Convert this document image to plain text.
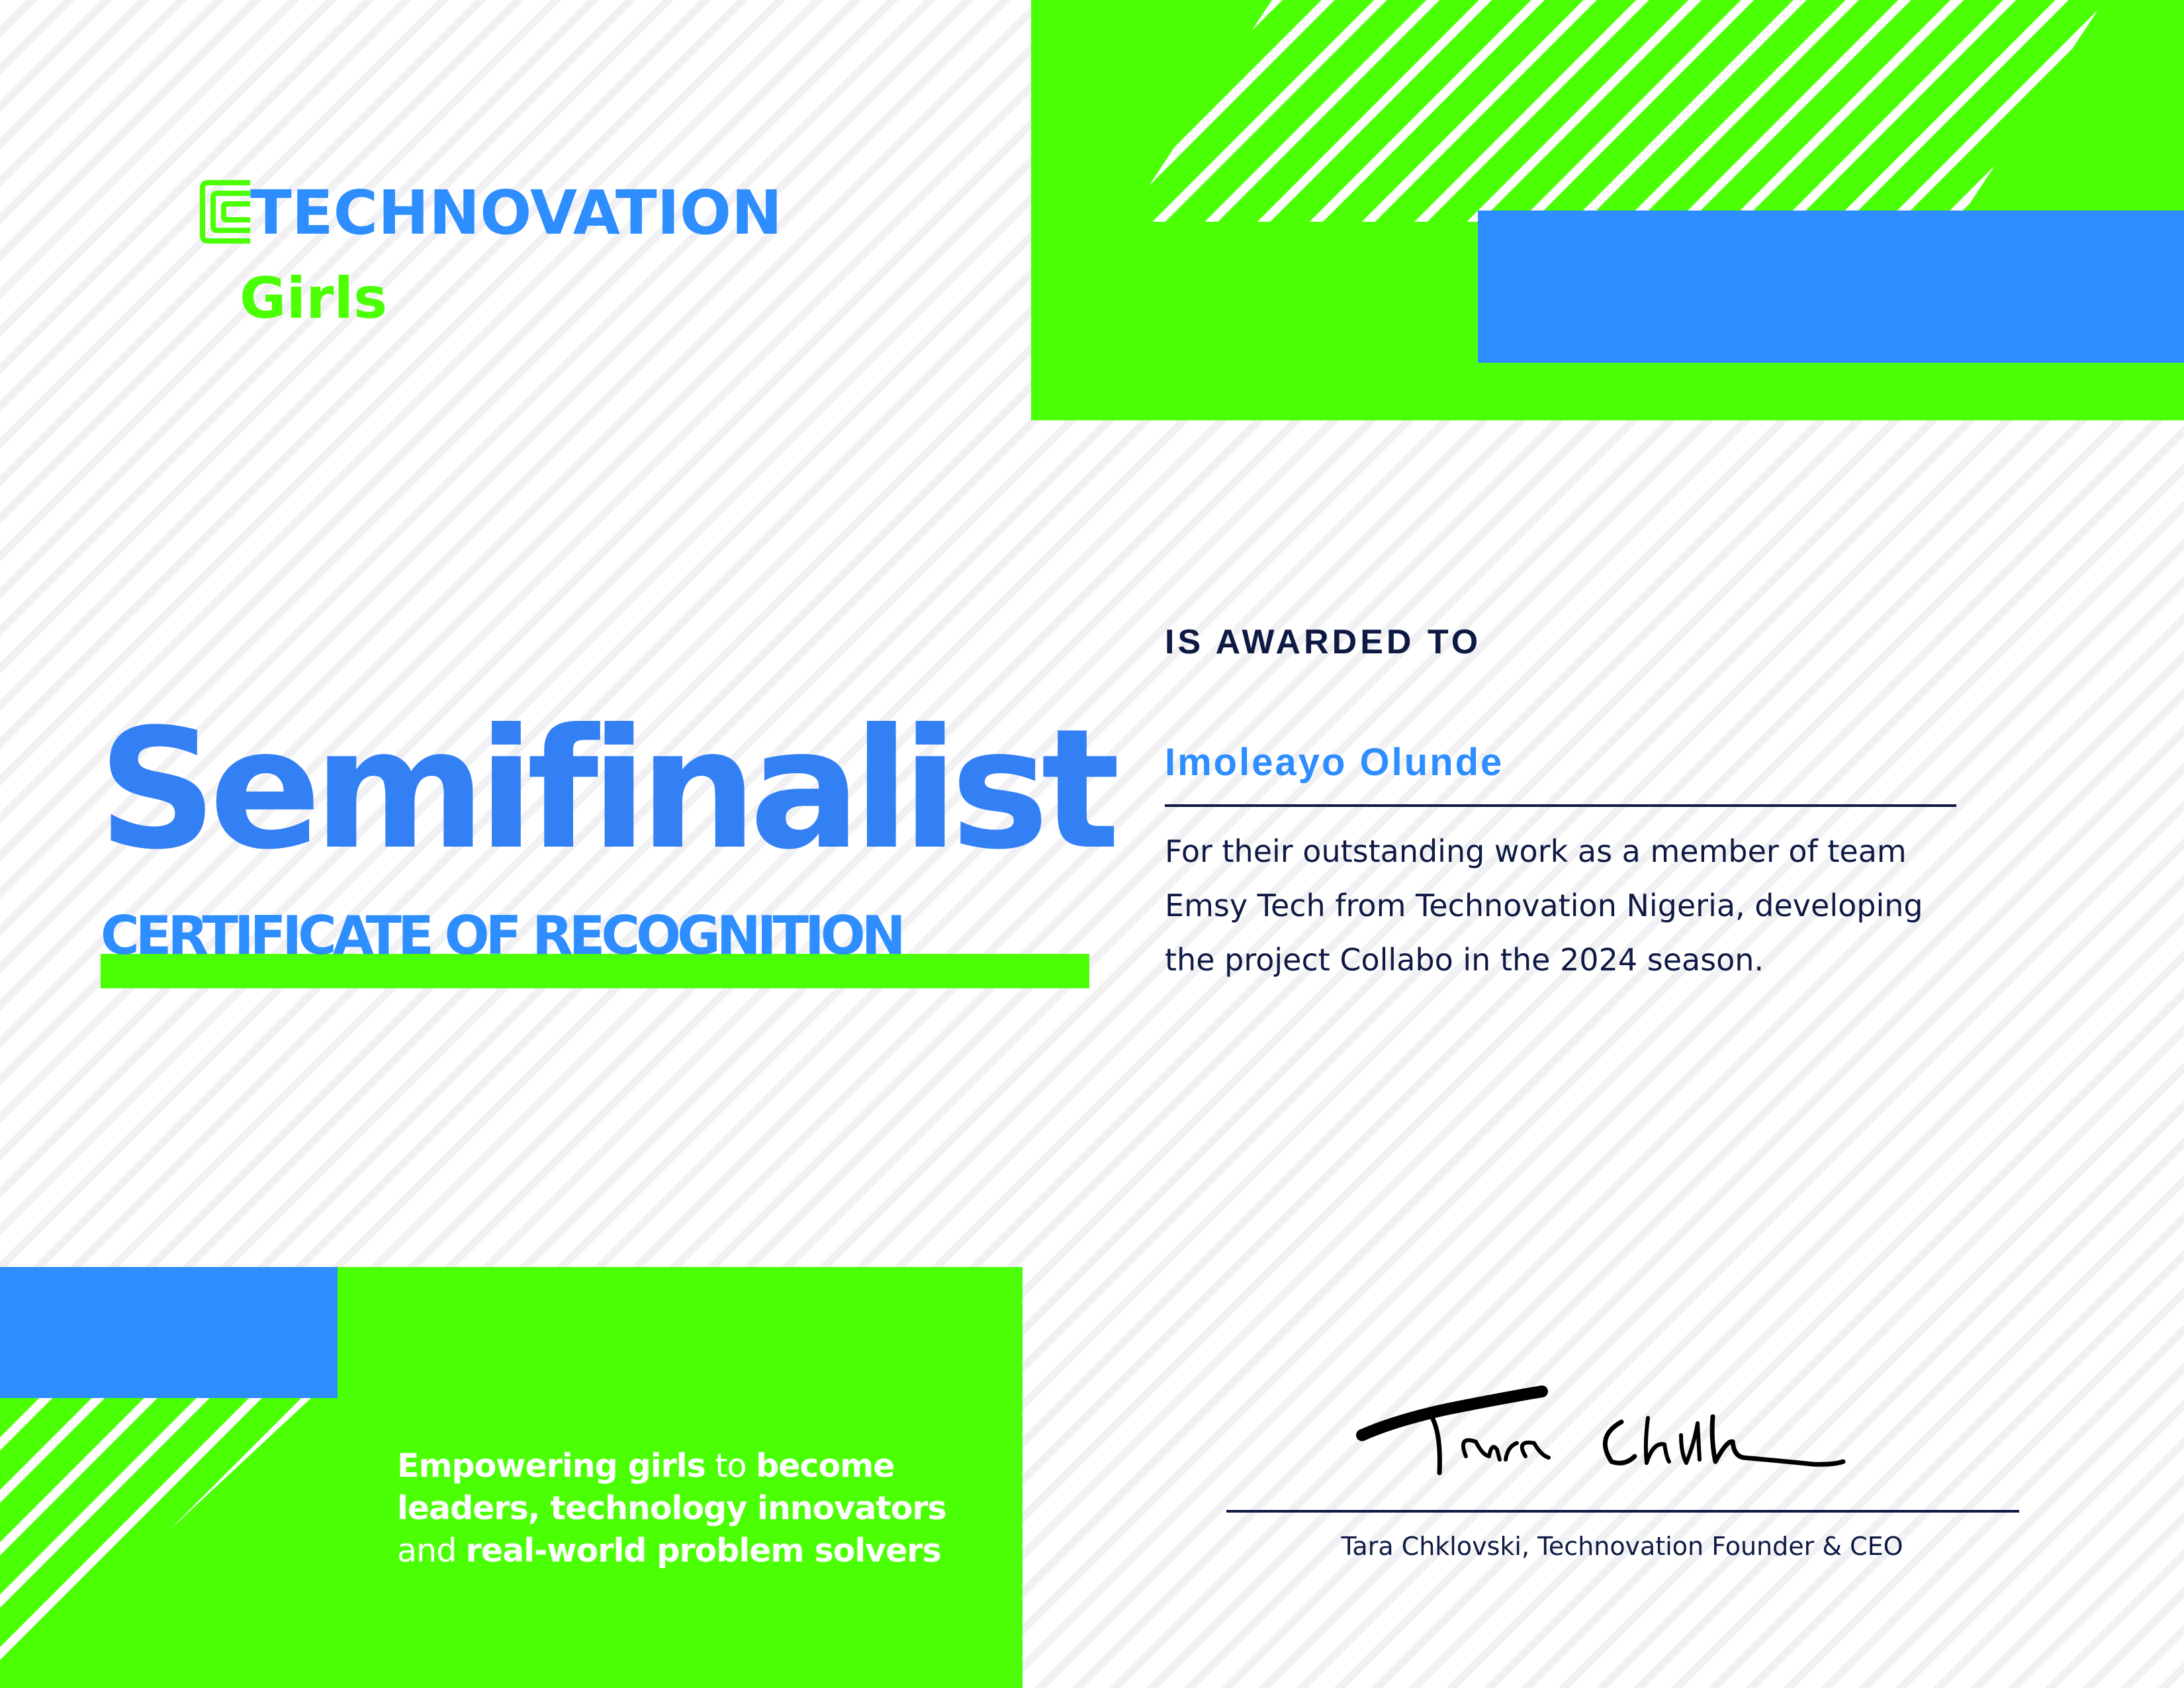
TECHNOVATION
Girls
Semifinalist
CERTIFICATE OF RECOGNITION
IS AWARDED TO
Imoleayo Olunde
For their outstanding work as a member of team
Emsy Tech from Technovation Nigeria, developing
the project Collabo in the 2024 season.
Empowering girls to become
leaders, technology innovators
and real-world problem solvers	Tara Chklovski, Technovation Founder & CEO
